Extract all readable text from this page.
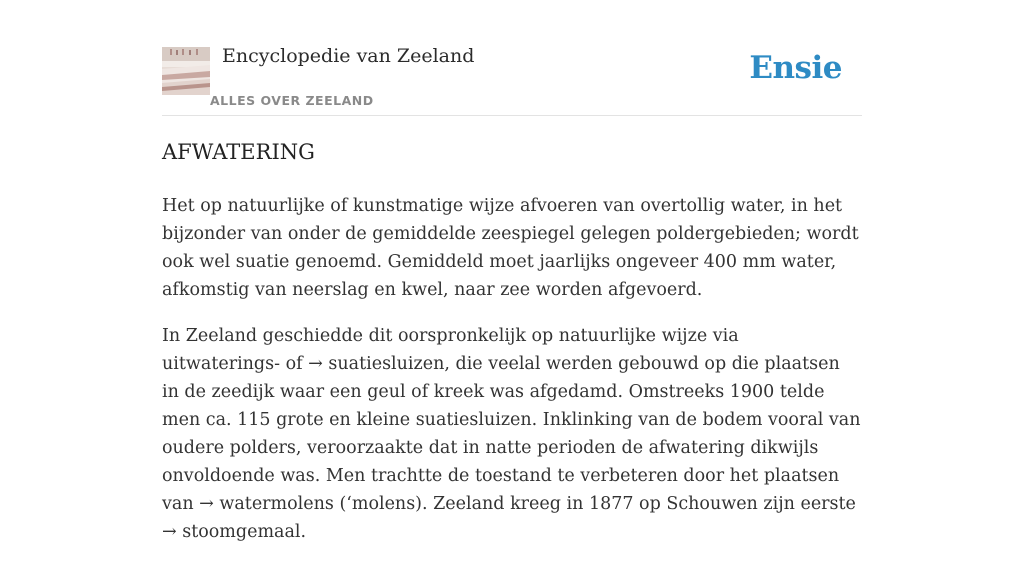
Encyclopedie van Zeeland
ALLES OVER ZEELAND
Ensie
AFWATERING

Het op natuurlijke of kunstmatige wijze afvoeren van overtollig water, in het bijzonder van onder de gemiddelde zeespiegel gelegen poldergebieden; wordt ook wel suatie genoemd. Gemiddeld moet jaarlijks ongeveer 400 mm water, afkomstig van neerslag en kwel, naar zee worden afgevoerd.

In Zeeland geschiedde dit oorspronkelijk op natuurlijke wijze via uitwaterings- of → suatiesluizen, die veelal werden gebouwd op die plaatsen in de zeedijk waar een geul of kreek was afgedamd. Omstreeks 1900 telde men ca. 115 grote en kleine suatiesluizen. Inklinking van de bodem vooral van oudere polders, veroorzaakte dat in natte perioden de afwatering dikwijls onvoldoende was. Men trachtte de toestand te verbeteren door het plaatsen van → watermolens (‘molens). Zeeland kreeg in 1877 op Schouwen zijn eerste → stoomgemaal.
